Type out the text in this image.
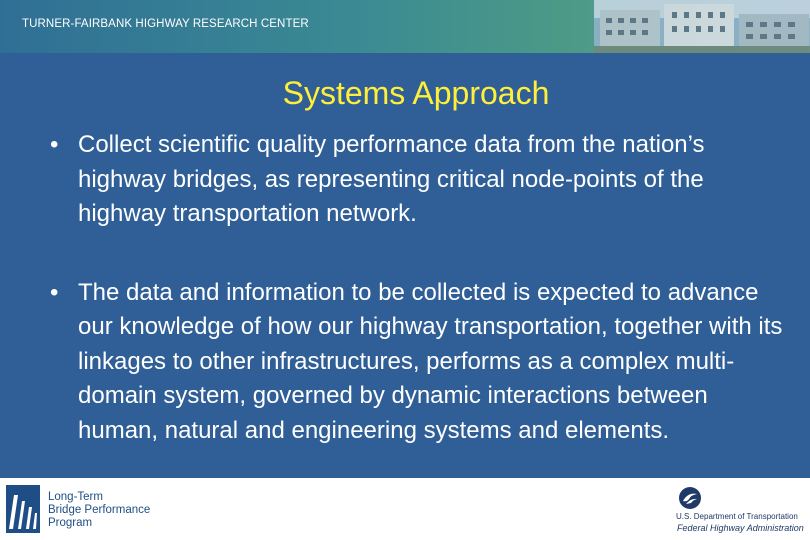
TURNER-FAIRBANK HIGHWAY RESEARCH CENTER
Systems Approach
• Collect scientific quality performance data from the nation’s highway bridges, as representing critical node-points of the highway transportation network.
• The data and information to be collected is expected to advance our knowledge of how our highway transportation, together with its linkages to other infrastructures, performs as a complex multi-domain system, governed by dynamic interactions between human, natural and engineering systems and elements.
Long-Term
Bridge Performance
Program
U.S. Department of Transportation
Federal Highway Administration
